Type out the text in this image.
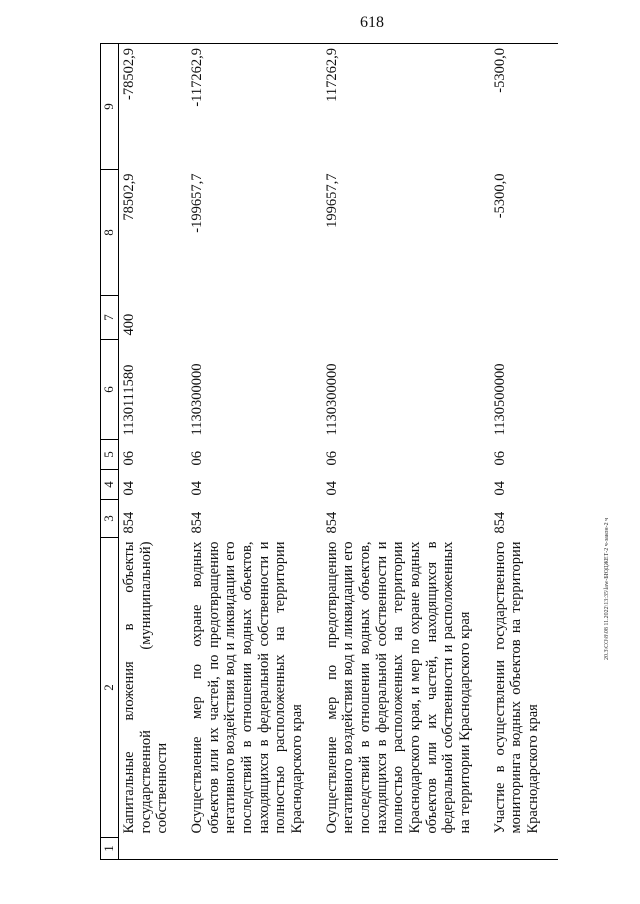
618
20.3\CO\8\08 11.2022\13:35\law-БЮДЖЕТ-2 ч-закон-2 ч
1	2	3	4	5	6	7	8	9
	Капитальные вложения в объекты государственной (муниципальной) собственности	854	04	06	1130111580	400	78502,9	-78502,9
	Осуществление мер по охране водных объектов или их частей, по предотвращению негативного воздействия вод и ликвидации его последствий в отношении водных объектов, находящихся в федеральной собственности и полностью расположенных на территории Краснодарского края	854	04	06	1130300000		-199657,7	-117262,9
	Осуществление мер по предотвращению негативного воздействия вод и ликвидации его последствий в отношении водных объектов, находящихся в федеральной собственности и полностью расположенных на территории Краснодарского края, и мер по охране водных объектов или их частей, находящихся в федеральной собственности и расположенных на территории Краснодарского края	854	04	06	1130300000		199657,7	117262,9
	Участие в осуществлении государственного мониторинга водных объектов на территории Краснодарского края	854	04	06	1130500000		-5300,0	-5300,0
